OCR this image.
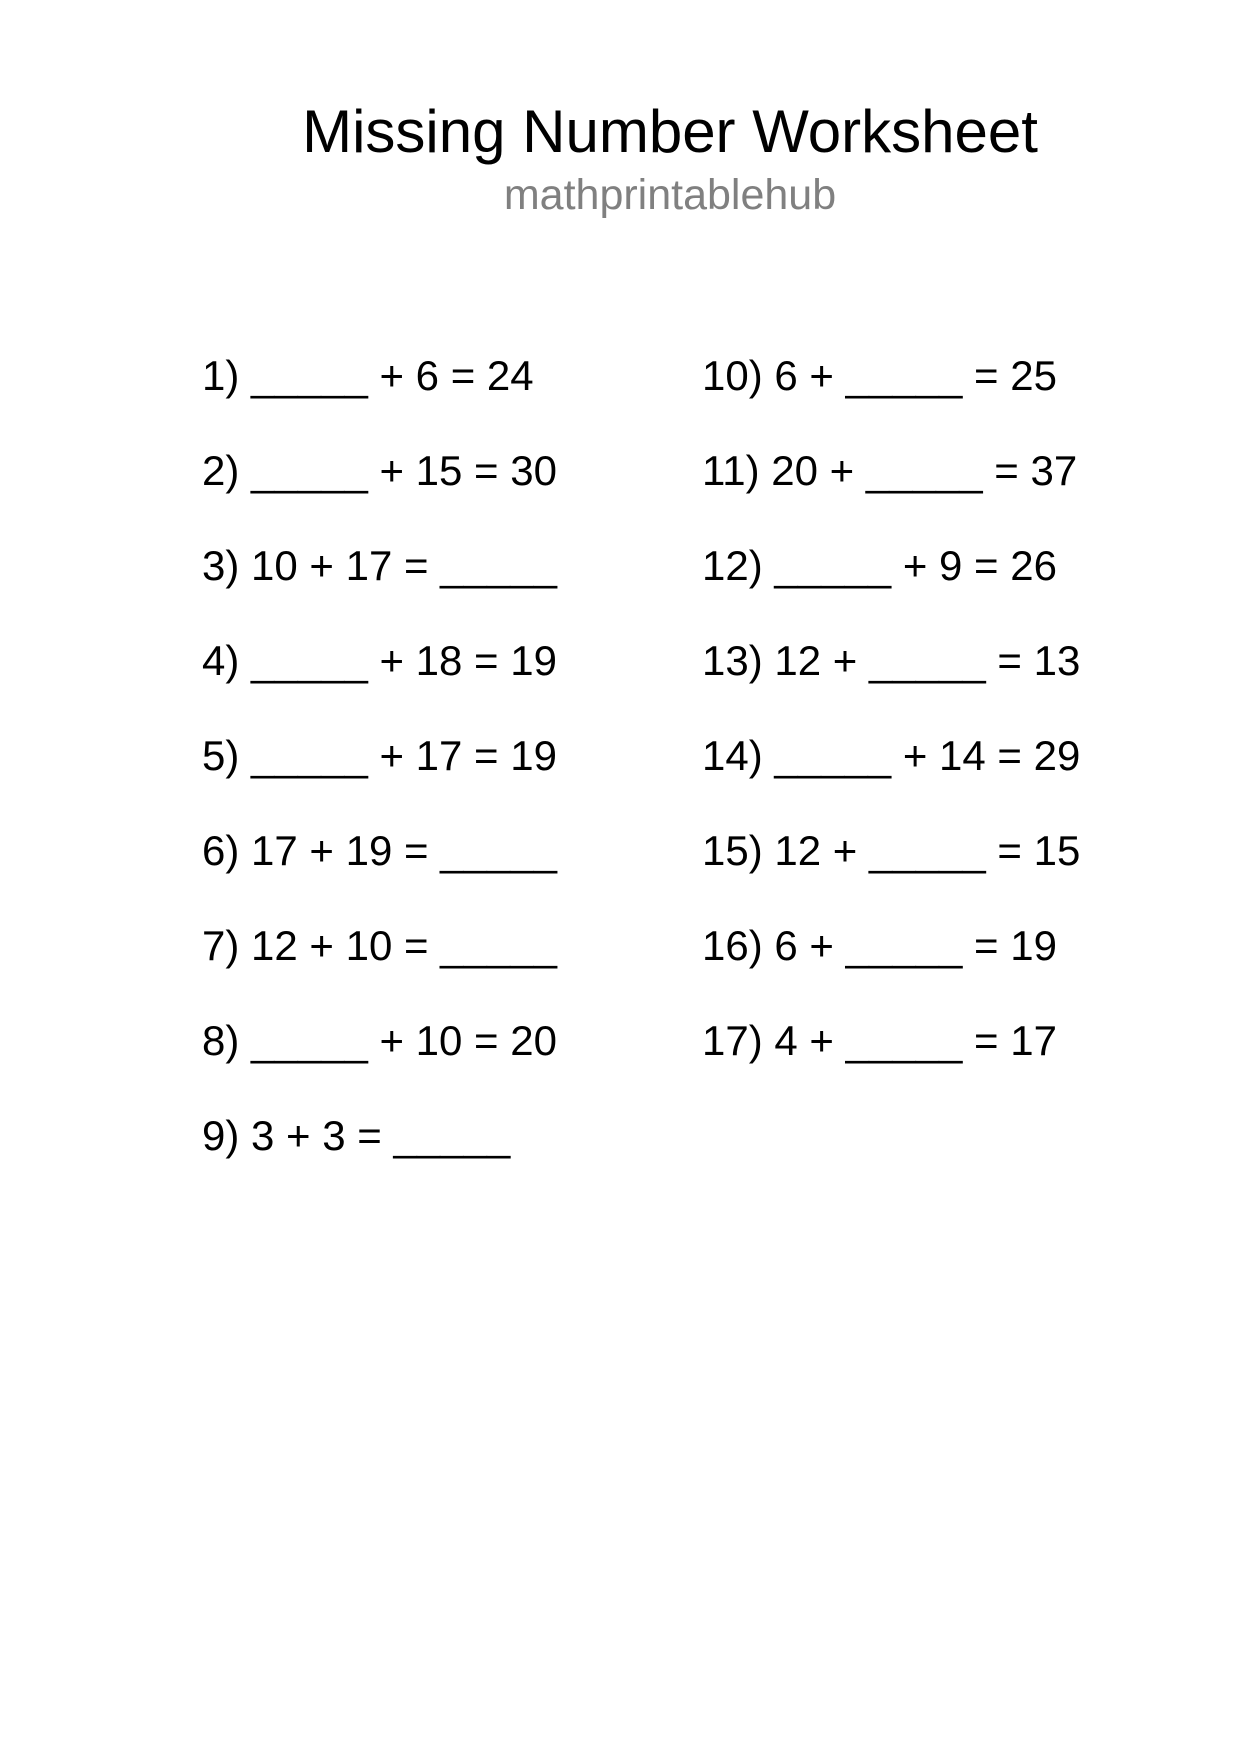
Missing Number Worksheet
mathprintablehub
1) _____ + 6 = 24
2) _____ + 15 = 30
3) 10 + 17 = _____
4) _____ + 18 = 19
5) _____ + 17 = 19
6) 17 + 19 = _____
7) 12 + 10 = _____
8) _____ + 10 = 20
9) 3 + 3 = _____
10) 6 + _____ = 25
11) 20 + _____ = 37
12) _____ + 9 = 26
13) 12 + _____ = 13
14) _____ + 14 = 29
15) 12 + _____ = 15
16) 6 + _____ = 19
17) 4 + _____ = 17
